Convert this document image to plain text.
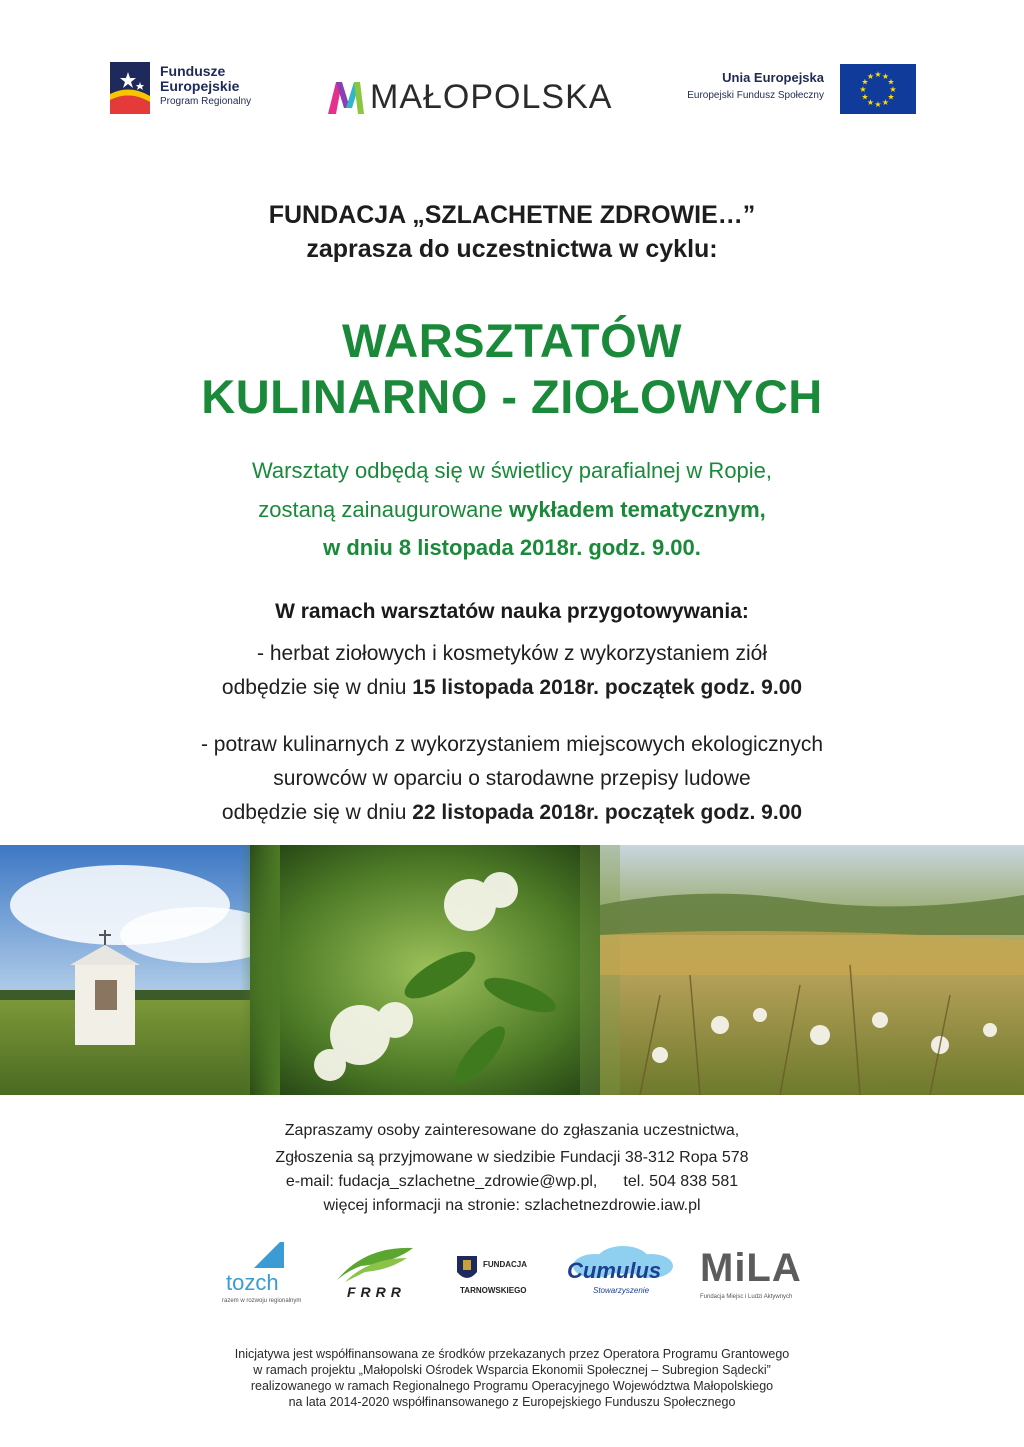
Fundusze
Europejskie
Program Regionalny	MAŁOPOLSKA
Unia Europejska
Europejski Fundusz Społeczny
★ ★
★
★
★
★
★
★
★
★
★
★
FUNDACJA „SZLACHETNE ZDROWIE…”
zaprasza do uczestnictwa w cyklu:
WARSZTATÓW
KULINARNO - ZIOŁOWYCH
Warsztaty odbędą się w świetlicy parafialnej w Ropie,
zostaną zainaugurowane wykładem tematycznym,
w dniu 8 listopada 2018r. godz. 9.00.
W ramach warsztatów nauka przygotowywania:
- herbat ziołowych i kosmetyków z wykorzystaniem ziół
odbędzie się w dniu 15 listopada 2018r. początek godz. 9.00
- potraw kulinarnych z wykorzystaniem miejscowych ekologicznych
surowców w oparciu o starodawne przepisy ludowe
odbędzie się w dniu 22 listopada 2018r. początek godz. 9.00
Zapraszamy osoby zainteresowane do zgłaszania uczestnictwa,
Zgłoszenia są przyjmowane w siedzibie Fundacji 38-312 Ropa 578
e-mail: fudacja_szlachetne_zdrowie@wp.pl, tel. 504 838 581
więcej informacji na stronie: szlachetnezdrowie.iaw.pl
tozch
razem w rozwoju regionalnym
FRRR
FUNDACJA
TARNOWSKIEGO
Cumulus
Stowarzyszenie
MiLA
Fundacja Miejsc i Ludzi Aktywnych
Inicjatywa jest współfinansowana ze środków przekazanych przez Operatora Programu Grantowego
w ramach projektu „Małopolski Ośrodek Wsparcia Ekonomii Społecznej – Subregion Sądecki”
realizowanego w ramach Regionalnego Programu Operacyjnego Województwa Małopolskiego
na lata 2014-2020 współfinansowanego z Europejskiego Funduszu Społecznego
